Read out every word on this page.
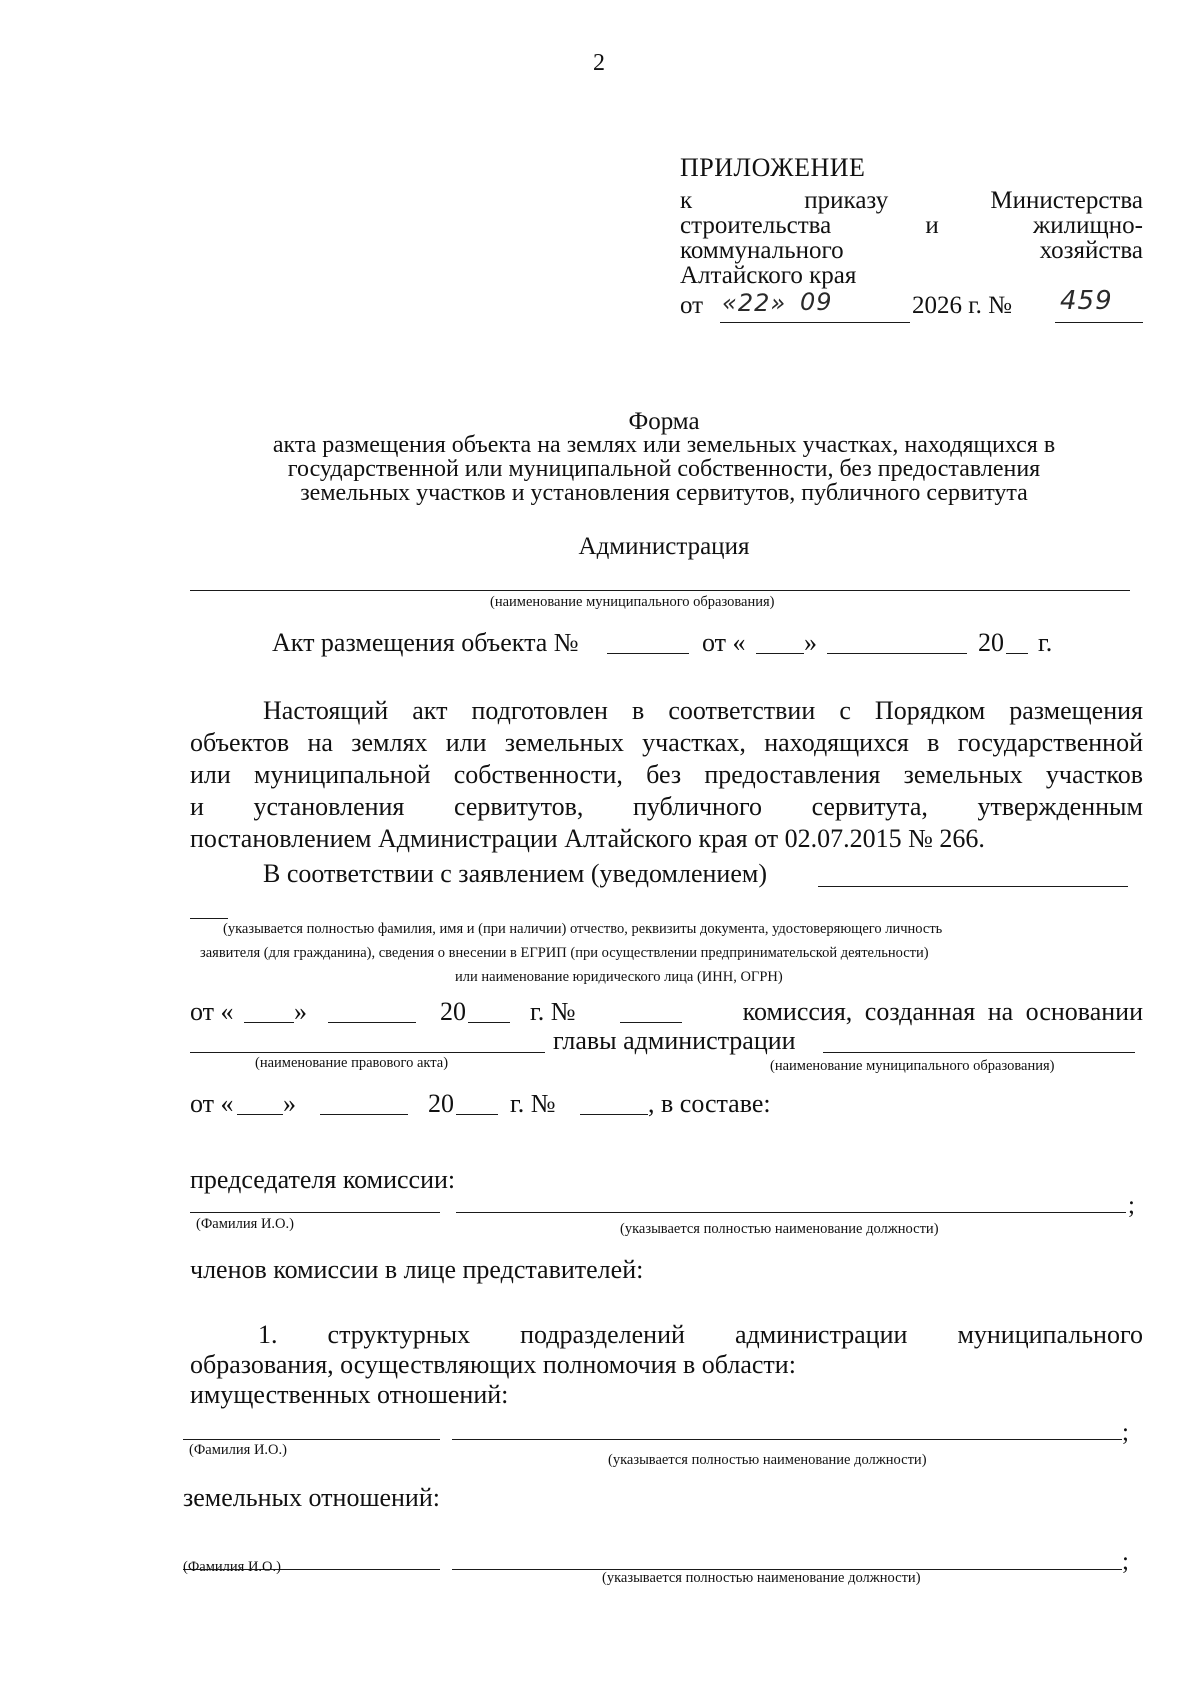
2
ПРИЛОЖЕНИЕ
к	приказу	Министерства
строительства	и	жилищно-
коммунального	хозяйства
Алтайского края
от «22» 09	2026 г. № 459
Форма
акта размещения объекта на землях или земельных участках, находящихся в
государственной или муниципальной собственности, без предоставления
земельных участков и установления сервитутов, публичного сервитута
Администрация
(наименование муниципального образования)
Акт размещения объекта №	от « »	20 г.
Настоящий акт подготовлен в соответствии с Порядком размещения
объектов на землях или земельных участках, находящихся в государственной
или муниципальной собственности, без предоставления земельных участков
и установления сервитутов, публичного сервитута, утвержденным
постановлением Администрации Алтайского края от 02.07.2015 № 266.
В соответствии с заявлением (уведомлением)
(указывается полностью фамилия, имя и (при наличии) отчество, реквизиты документа, удостоверяющего личность
заявителя (для гражданина), сведения о внесении в ЕГРИП (при осуществлении предпринимательской деятельности)
или наименование юридического лица (ИНН, ОГРН)
от « »	20 г. №	комиссия, созданная на основании
главы администрации
(наименование правового акта)	(наименование муниципального образования)
от « »	20 г. №	, в составе:
председателя комиссии:
;
(Фамилия И.О.)	(указывается полностью наименование должности)
членов комиссии в лице представителей:
1. структурных подразделений администрации муниципального
образования, осуществляющих полномочия в области:
имущественных отношений:
;
(Фамилия И.О.)
(указывается полностью наименование должности)
земельных отношений:
;
(Фамилия И.О.)
(указывается полностью наименование должности)
